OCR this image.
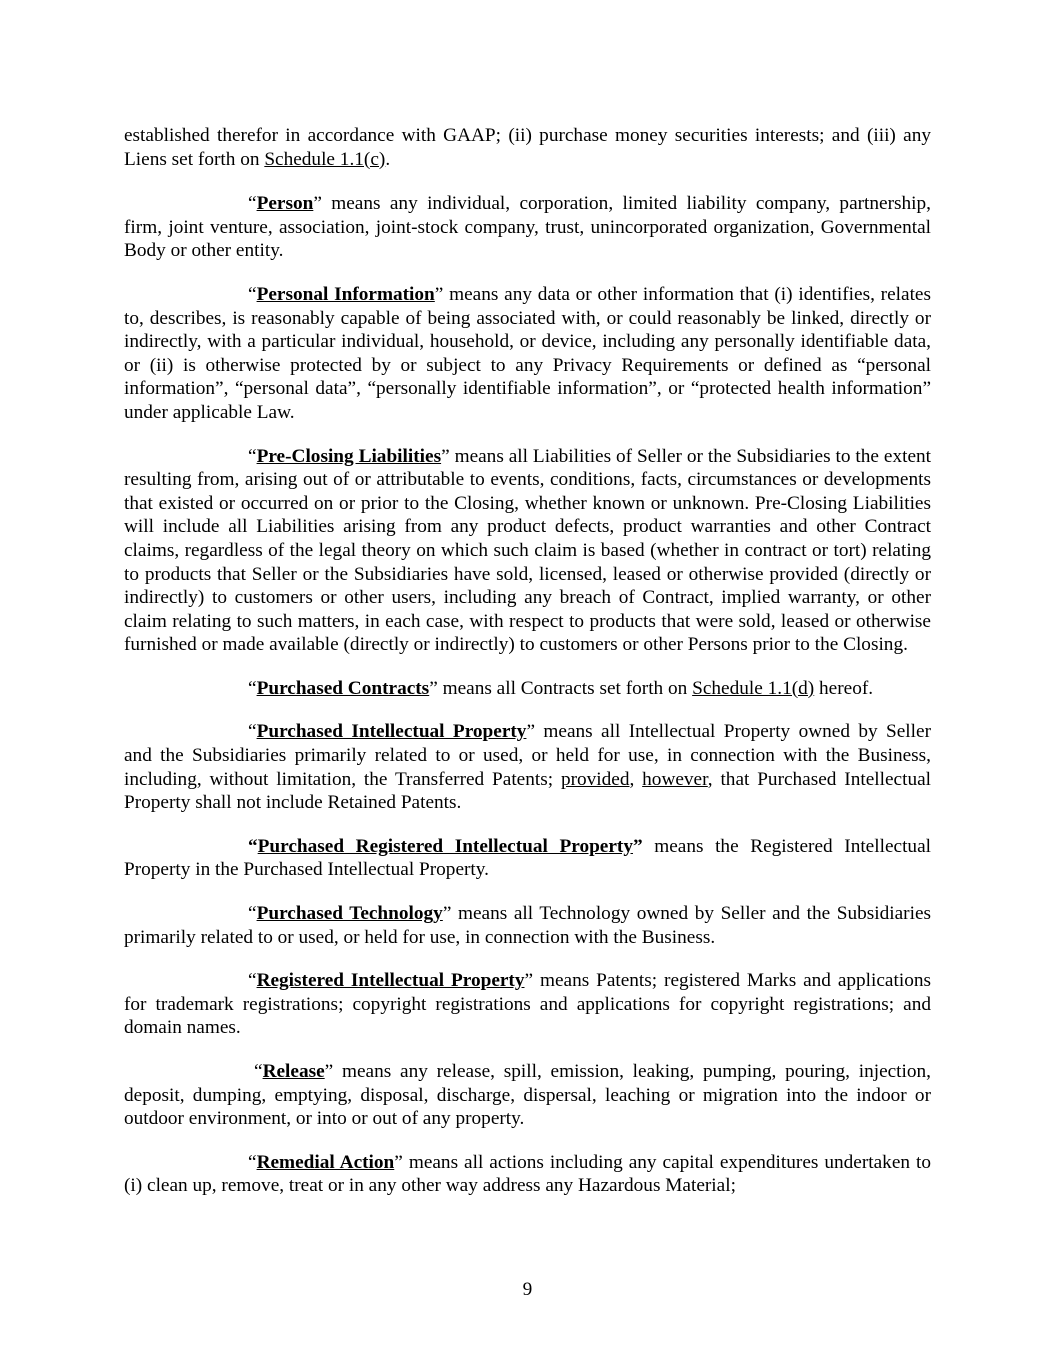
established therefor in accordance with GAAP; (ii) purchase money securities interests; and (iii) any Liens set forth on Schedule 1.1(c).

“Person” means any individual, corporation, limited liability company, partnership, firm, joint venture, association, joint-stock company, trust, unincorporated organization, Governmental Body or other entity.

“Personal Information” means any data or other information that (i) identifies, relates to, describes, is reasonably capable of being associated with, or could reasonably be linked, directly or indirectly, with a particular individual, household, or device, including any personally identifiable data, or (ii) is otherwise protected by or subject to any Privacy Requirements or defined as “personal information”, “personal data”, “personally identifiable information”, or “protected health information” under applicable Law.

“Pre-Closing Liabilities” means all Liabilities of Seller or the Subsidiaries to the extent resulting from, arising out of or attributable to events, conditions, facts, circumstances or developments that existed or occurred on or prior to the Closing, whether known or unknown. Pre-Closing Liabilities will include all Liabilities arising from any product defects, product warranties and other Contract claims, regardless of the legal theory on which such claim is based (whether in contract or tort) relating to products that Seller or the Subsidiaries have sold, licensed, leased or otherwise provided (directly or indirectly) to customers or other users, including any breach of Contract, implied warranty, or other claim relating to such matters, in each case, with respect to products that were sold, leased or otherwise furnished or made available (directly or indirectly) to customers or other Persons prior to the Closing.

“Purchased Contracts” means all Contracts set forth on Schedule 1.1(d) hereof.

“Purchased Intellectual Property” means all Intellectual Property owned by Seller and the Subsidiaries primarily related to or used, or held for use, in connection with the Business, including, without limitation, the Transferred Patents; provided, however, that Purchased Intellectual Property shall not include Retained Patents.

“Purchased Registered Intellectual Property” means the Registered Intellectual Property in the Purchased Intellectual Property.

“Purchased Technology” means all Technology owned by Seller and the Subsidiaries primarily related to or used, or held for use, in connection with the Business.

“Registered Intellectual Property” means Patents; registered Marks and applications for trademark registrations; copyright registrations and applications for copyright registrations; and domain names.

“Release” means any release, spill, emission, leaking, pumping, pouring, injection, deposit, dumping, emptying, disposal, discharge, dispersal, leaching or migration into the indoor or outdoor environment, or into or out of any property.

“Remedial Action” means all actions including any capital expenditures undertaken to (i) clean up, remove, treat or in any other way address any Hazardous Material;

9
